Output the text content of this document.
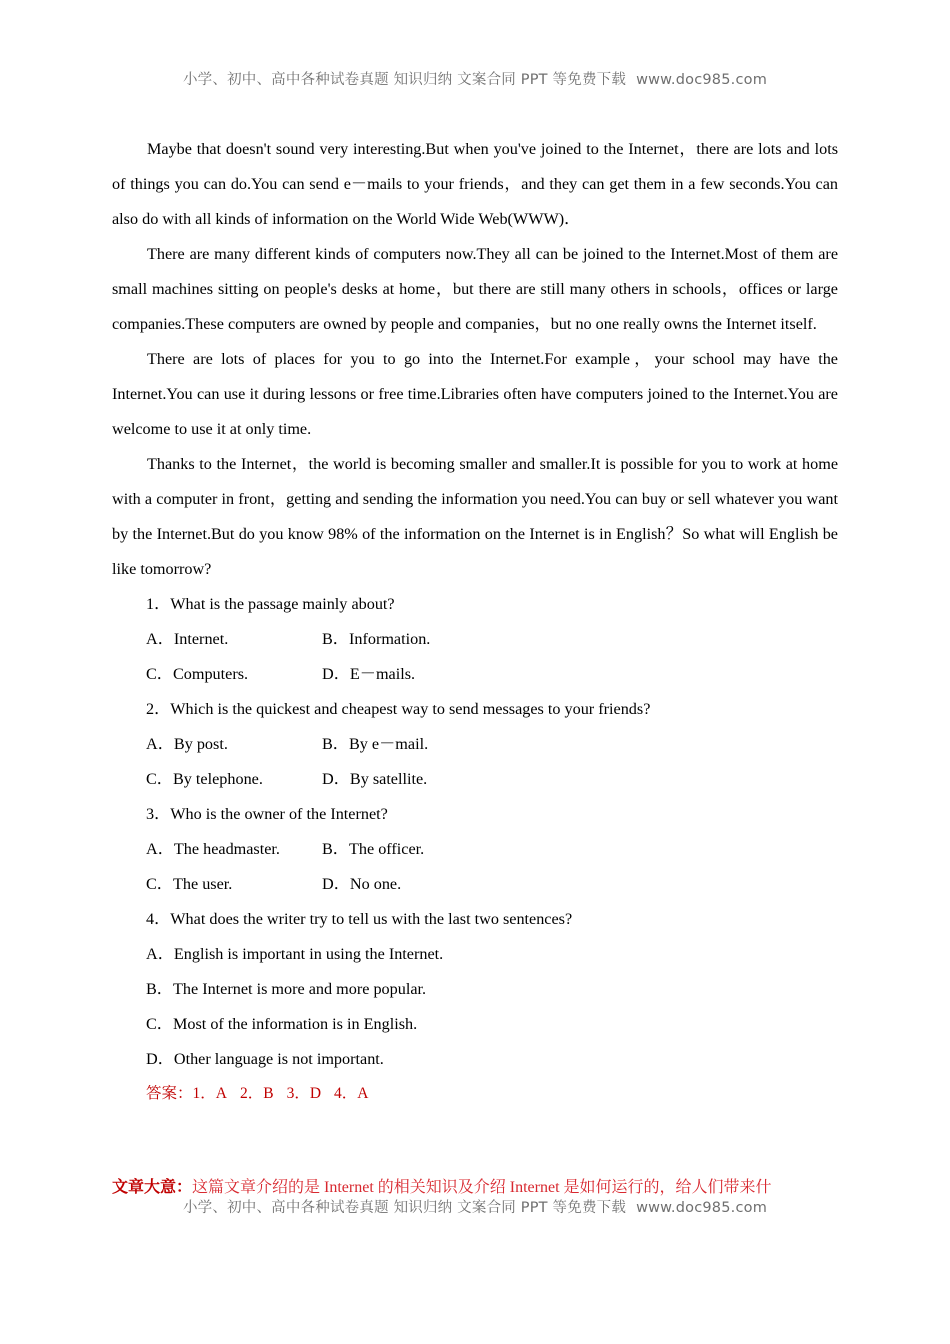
小学、初中、高中各种试卷真题 知识归纳 文案合同 PPT 等免费下载 www.doc985.com

Maybe that doesn't sound very interesting.But when you've joined to the Internet，there are lots and lots of things you can do.You can send e－mails to your friends，and they can get them in a few seconds.You can also do with all kinds of information on the World Wide Web(WWW)．

There are many different kinds of computers now.They all can be joined to the Internet.Most of them are small machines sitting on people's desks at home，but there are still many others in schools，offices or large companies.These computers are owned by people and companies，but no one really owns the Internet itself.

There are lots of places for you to go into the Internet.For example，your school may have the Internet.You can use it during lessons or free time.Libraries often have computers joined to the Internet.You are welcome to use it at only time.

Thanks to the Internet，the world is becoming smaller and smaller.It is possible for you to work at home with a computer in front，getting and sending the information you need.You can buy or sell whatever you want by the Internet.But do you know 98% of the information on the Internet is in English？So what will English be like tomorrow?

1．What is the passage mainly about?

A．Internet.	B．Information.
C．Computers.	D．E－mails.

2．Which is the quickest and cheapest way to send messages to your friends?

A．By post.	B．By e－mail.
C．By telephone.	D．By satellite.

3．Who is the owner of the Internet?

A．The headmaster.	B．The officer.
C．The user.	D．No one.

4．What does the writer try to tell us with the last two sentences?

A．English is important in using the Internet.
B．The Internet is more and more popular.
C．Most of the information is in English.
D．Other language is not important.

答案：1．A 2．B 3．D 4．A

文章大意：这篇文章介绍的是 Internet 的相关知识及介绍 Internet 是如何运行的，给人们带来什

小学、初中、高中各种试卷真题 知识归纳 文案合同 PPT 等免费下载 www.doc985.com
